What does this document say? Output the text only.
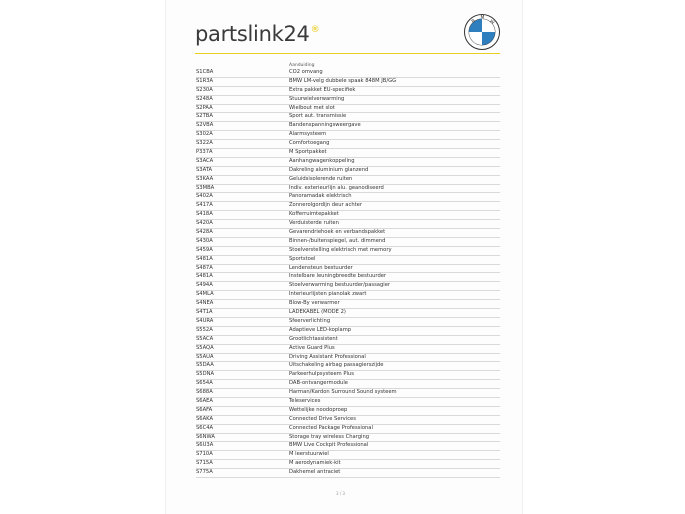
partslink24®
B
M
W
Aanduiding
S1CBA	CO2 omvang
S1R3A	BMW LM-velg dubbele spaak 848M JB/GG
S230A	Extra pakket EU-specifiek
S248A	Stuurwielverwarming
S2PAA	Wielbout met slot
S2TBA	Sport aut. transmissie
S2VBA	Bandenspanningsweergave
S302A	Alarmsysteem
S322A	Comfortoegang
P337A	M Sportpakket
S3ACA	Aanhangwagenkoppeling
S3ATA	Dakreling aluminium glanzend
S3KAA	Geluidsisolerende ruiten
S3MBA	Indiv. exterieurlijn alu. geanodiseerd
S402A	Panoramadak elektrisch
S417A	Zonnerolgordijn deur achter
S418A	Kofferruimtepakket
S420A	Verduisterde ruiten
S428A	Gevarendriehoek en verbandspakket
S430A	Binnen-/buitenspiegel, aut. dimmend
S459A	Stoelverstelling elektrisch met memory
S481A	Sportstoel
S487A	Lendensteun bestuurder
S481A	Instelbare leuningbreedte bestuurder
S494A	Stoelverwarming bestuurder/passagier
S4MLA	Interieurlijsten pianolak zwart
S4NEA	Blow-By verwarmer
S4T1A	LADEKABEL (MODE 2)
S4URA	Sfeerverlichting
S552A	Adaptieve LED-koplamp
S5ACA	Grootlichtassistent
S5AQA	Active Guard Plus
S5AUA	Driving Assistant Professional
S5DAA	Uitschakeling airbag passagierszijde
S5DNA	Parkeerhulpsysteem Plus
S654A	DAB-ontvangermodule
S688A	Harman/Kardon Surround Sound systeem
S6AEA	Teleservices
S6AFA	Wettelijke noodoproep
S6AKA	Connected Drive Services
S6C4A	Connected Package Professional
S6NWA	Storage tray wireless Charging
S6U3A	BMW Live Cockpit Professional
S710A	M leerstuurwiel
S715A	M aerodynamiek-kit
S775A	Dakhemel antraciet
3 / 3
